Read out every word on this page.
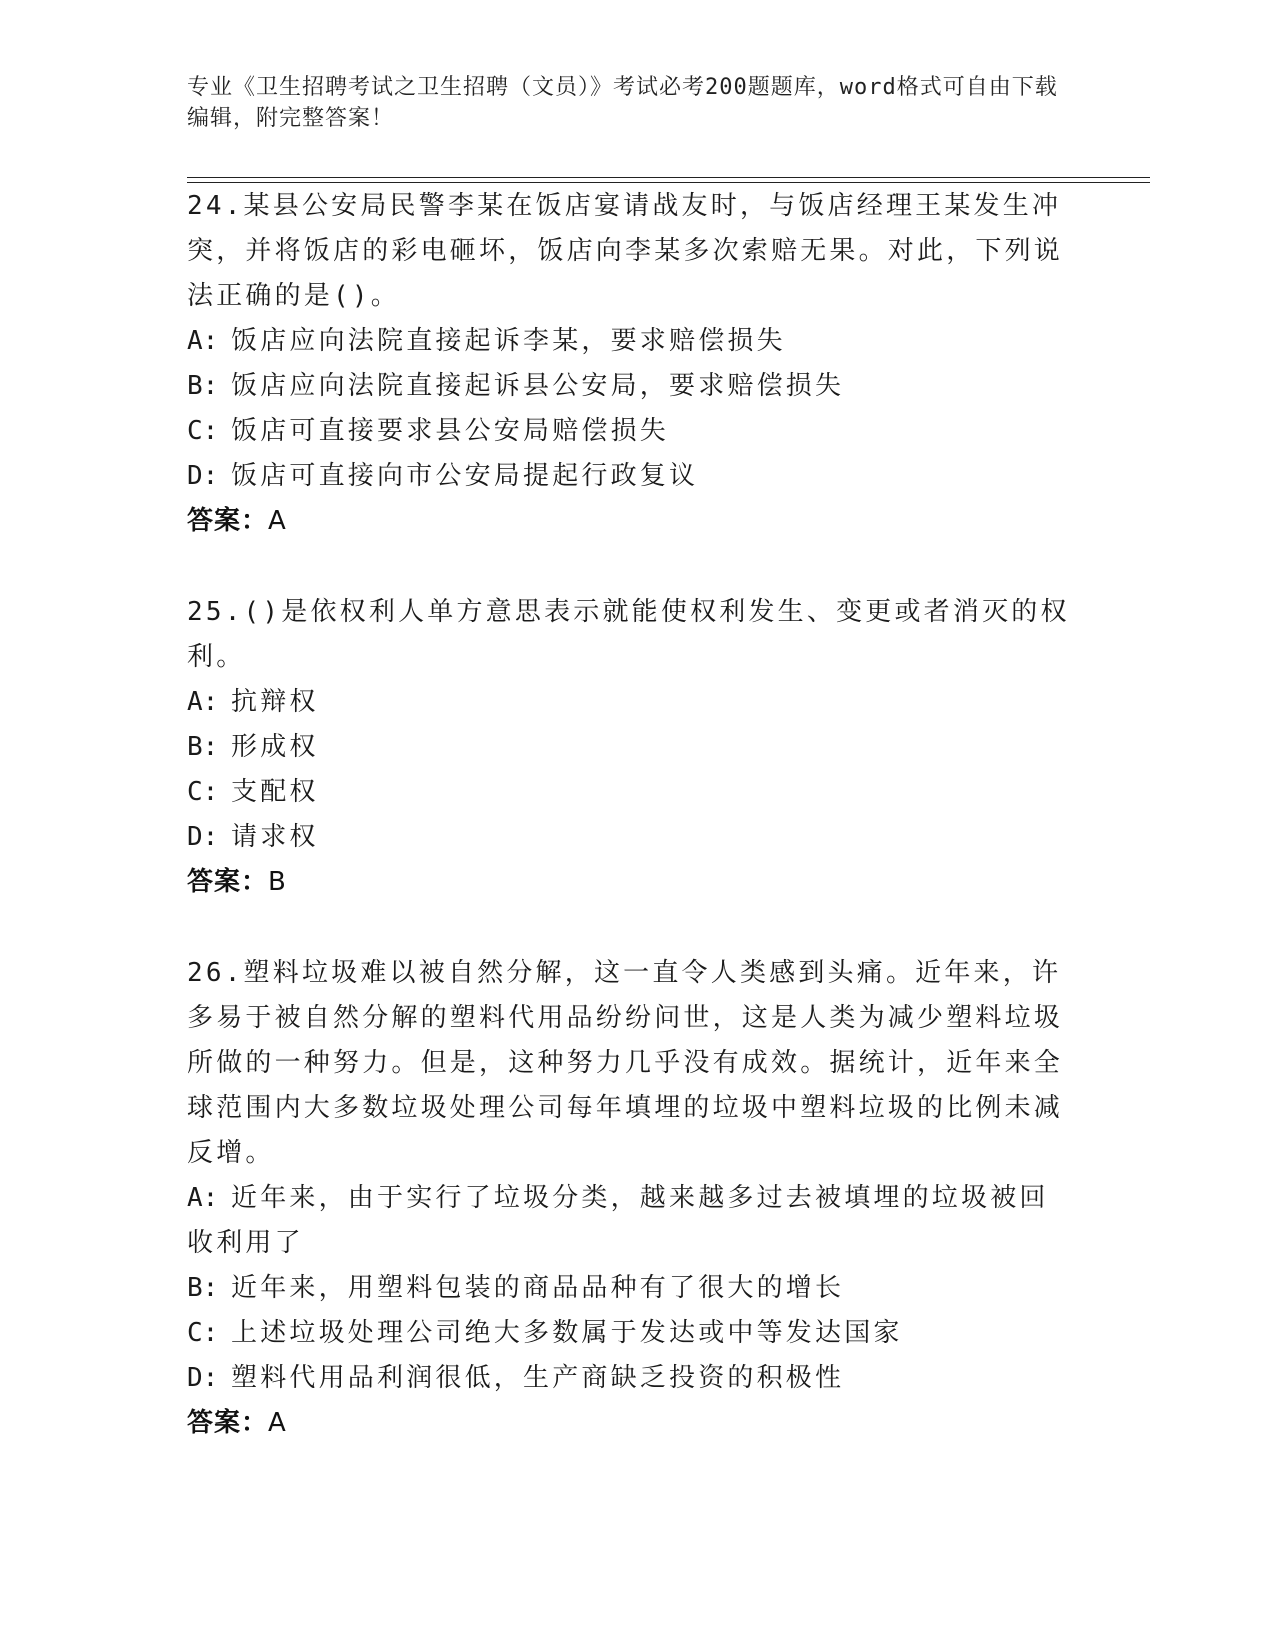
专业《卫生招聘考试之卫生招聘（文员）》考试必考200题题库，word格式可自由下载编辑，附完整答案！
24.某县公安局民警李某在饭店宴请战友时，与饭店经理王某发生冲突，并将饭店的彩电砸坏，饭店向李某多次索赔无果。对此，下列说法正确的是()。
A: 饭店应向法院直接起诉李某，要求赔偿损失
B: 饭店应向法院直接起诉县公安局，要求赔偿损失
C: 饭店可直接要求县公安局赔偿损失
D: 饭店可直接向市公安局提起行政复议
答案：A
25.()是依权利人单方意思表示就能使权利发生、变更或者消灭的权利。
A: 抗辩权
B: 形成权
C: 支配权
D: 请求权
答案：B
26.塑料垃圾难以被自然分解，这一直令人类感到头痛。近年来，许多易于被自然分解的塑料代用品纷纷问世，这是人类为减少塑料垃圾所做的一种努力。但是，这种努力几乎没有成效。据统计，近年来全球范围内大多数垃圾处理公司每年填埋的垃圾中塑料垃圾的比例未减反增。
A: 近年来，由于实行了垃圾分类，越来越多过去被填埋的垃圾被回收利用了
B: 近年来，用塑料包装的商品品种有了很大的增长
C: 上述垃圾处理公司绝大多数属于发达或中等发达国家
D: 塑料代用品利润很低，生产商缺乏投资的积极性
答案：A
